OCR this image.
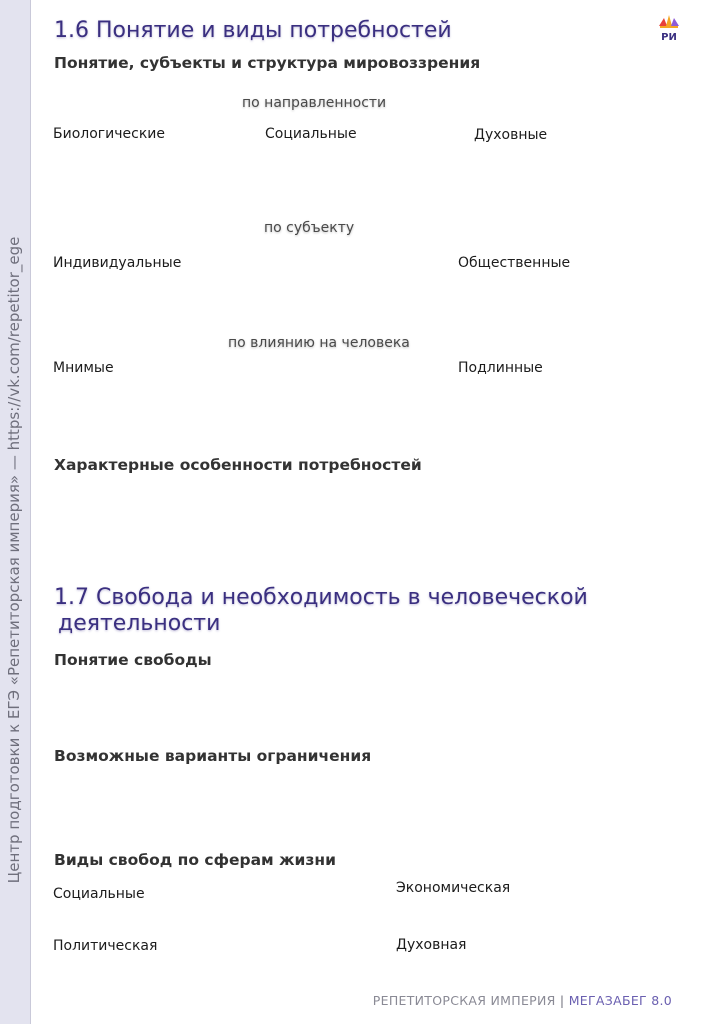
Центр подготовки к ЕГЭ «Репетиторская империя» — https://vk.com/repetitor_ege
РИ
1.6 Понятие и виды потребностей
Понятие, субъекты и структура мировоззрения
по направленности
Биологические	Социальные	Духовные
по субъекту
Индивидуальные	Общественные
по влиянию на человека
Мнимые	Подлинные
Характерные особенности потребностей
1.7 Свобода и необходимость в человеческой
деятельности
Понятие свободы
Возможные варианты ограничения
Виды свобод по сферам жизни
Социальные	Экономическая
Политическая	Духовная
РЕПЕТИТОРСКАЯ ИМПЕРИЯ | МЕГАЗАБЕГ 8.0
